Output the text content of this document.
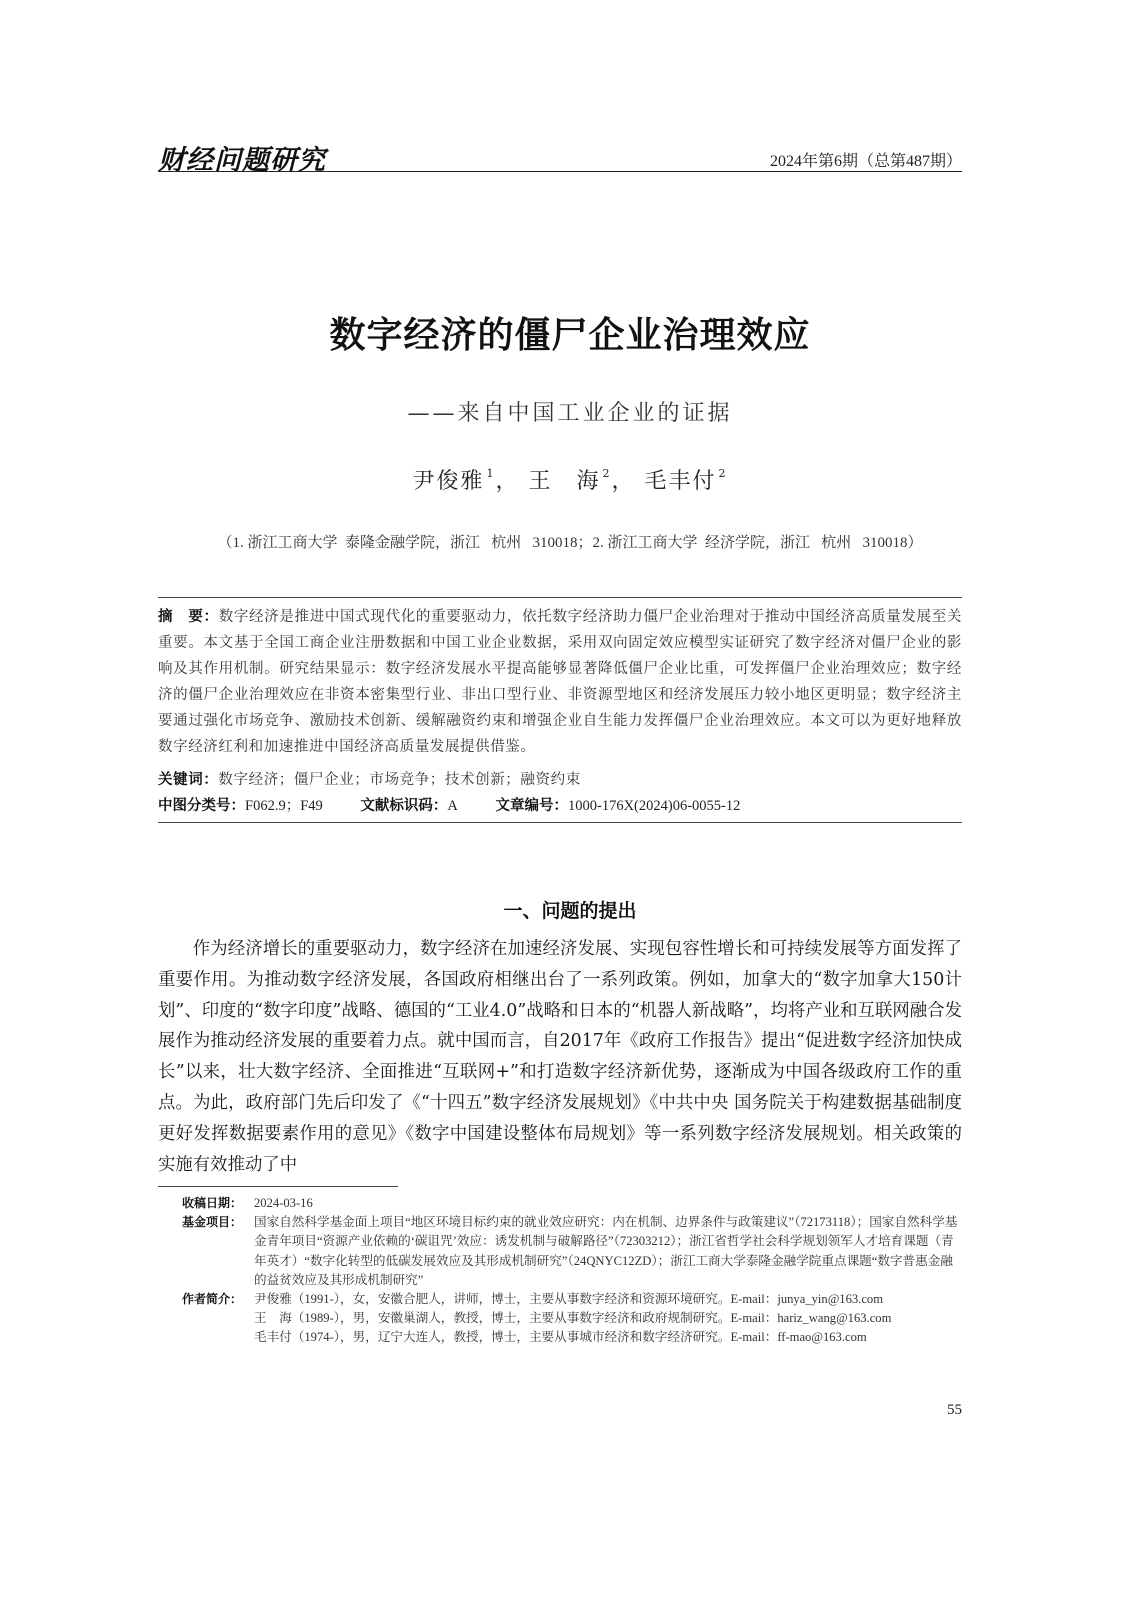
财经问题研究	2024年第6期（总第487期）
数字经济的僵尸企业治理效应
——来自中国工业企业的证据
尹俊雅 $^1$， 王　海 $^2$， 毛丰付 $^2$
（1. 浙江工商大学  泰隆金融学院，浙江   杭州   310018；2. 浙江工商大学  经济学院，浙江   杭州   310018）
摘　要：数字经济是推进中国式现代化的重要驱动力，依托数字经济助力僵尸企业治理对于推动中国经济高质量发展至关重要。本文基于全国工商企业注册数据和中国工业企业数据，采用双向固定效应模型实证研究了数字经济对僵尸企业的影响及其作用机制。研究结果显示：数字经济发展水平提高能够显著降低僵尸企业比重，可发挥僵尸企业治理效应；数字经济的僵尸企业治理效应在非资本密集型行业、非出口型行业、非资源型地区和经济发展压力较小地区更明显；数字经济主要通过强化市场竞争、激励技术创新、缓解融资约束和增强企业自生能力发挥僵尸企业治理效应。本文可以为更好地释放数字经济红利和加速推进中国经济高质量发展提供借鉴。
关键词：数字经济；僵尸企业；市场竞争；技术创新；融资约束
中图分类号：F062.9；F49	文献标识码：A	文章编号：1000-176X(2024)06-0055-12
一、问题的提出
作为经济增长的重要驱动力，数字经济在加速经济发展、实现包容性增长和可持续发展等方面发挥了重要作用。为推动数字经济发展，各国政府相继出台了一系列政策。例如，加拿大的“数字加拿大150计划”、印度的“数字印度”战略、德国的“工业4.0”战略和日本的“机器人新战略”，均将产业和互联网融合发展作为推动经济发展的重要着力点。就中国而言，自2017年《政府工作报告》提出“促进数字经济加快成长”以来，壮大数字经济、全面推进“互联网+”和打造数字经济新优势，逐渐成为中国各级政府工作的重点。为此，政府部门先后印发了《“十四五”数字经济发展规划》《中共中央 国务院关于构建数据基础制度更好发挥数据要素作用的意见》《数字中国建设整体布局规划》等一系列数字经济发展规划。相关政策的实施有效推动了中
收稿日期： 2024-03-16
基金项目： 国家自然科学基金面上项目“地区环境目标约束的就业效应研究：内在机制、边界条件与政策建议”（72173118）；国家自然科学基金青年项目“资源产业依赖的‘碳诅咒’效应：诱发机制与破解路径”（72303212）；浙江省哲学社会科学规划领军人才培育课题（青年英才）“数字化转型的低碳发展效应及其形成机制研究”（24QNYC12ZD）；浙江工商大学泰隆金融学院重点课题“数字普惠金融的益贫效应及其形成机制研究”
作者简介： 尹俊雅（1991-），女，安徽合肥人，讲师，博士，主要从事数字经济和资源环境研究。E-mail：junya_yin@163.com
王　海（1989-），男，安徽巢湖人，教授，博士，主要从事数字经济和政府规制研究。E-mail：hariz_wang@163.com
毛丰付（1974-），男，辽宁大连人，教授，博士，主要从事城市经济和数字经济研究。E-mail：ff-mao@163.com
55
